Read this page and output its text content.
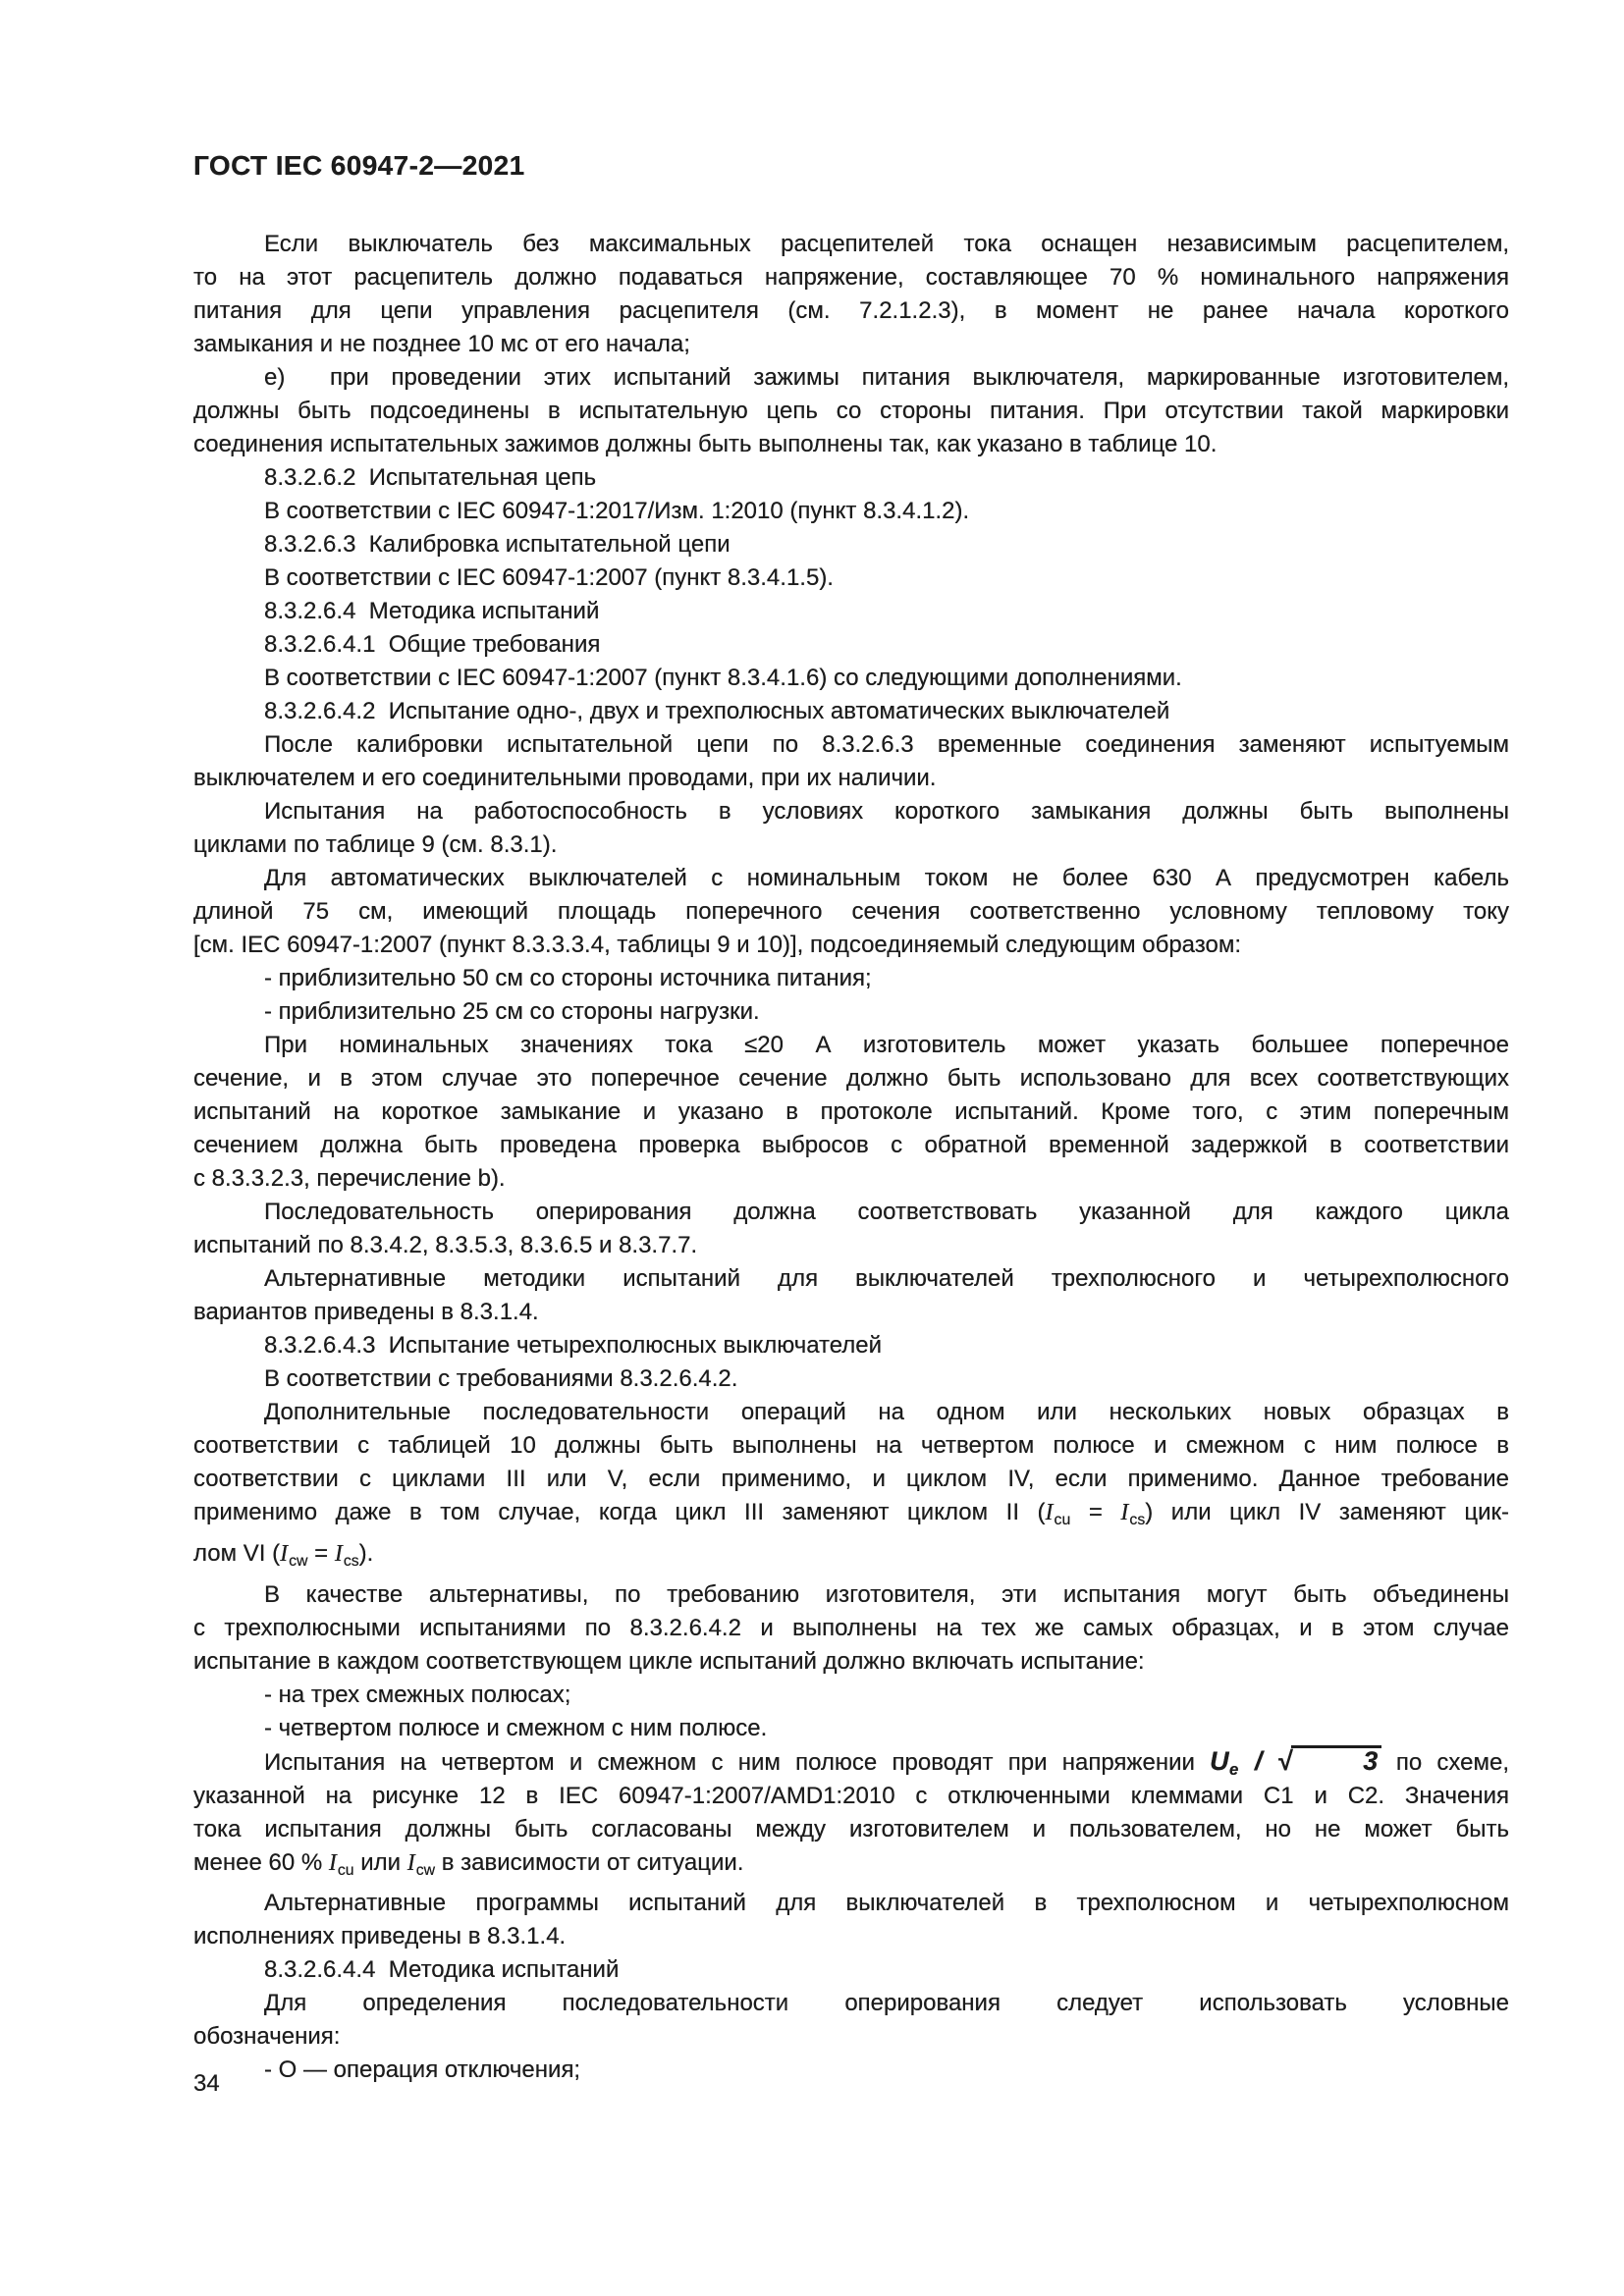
ГОСТ IEC 60947-2—2021
Если выключатель без максимальных расцепителей тока оснащен независимым расцепителем,
то на этот расцепитель должно подаваться напряжение, составляющее 70 % номинального напряжения
питания для цепи управления расцепителя (см. 7.2.1.2.3), в момент не ранее начала короткого
замыкания и не позднее 10 мс от его начала;
е)  при проведении этих испытаний зажимы питания выключателя, маркированные изготовителем,
должны быть подсоединены в испытательную цепь со стороны питания. При отсутствии такой маркировки
соединения испытательных зажимов должны быть выполнены так, как указано в таблице 10.
8.3.2.6.2  Испытательная цепь
В соответствии с IEC 60947-1:2017/Изм. 1:2010 (пункт 8.3.4.1.2).
8.3.2.6.3  Калибровка испытательной цепи
В соответствии с IEC 60947-1:2007 (пункт 8.3.4.1.5).
8.3.2.6.4  Методика испытаний
8.3.2.6.4.1  Общие требования
В соответствии с IEC 60947-1:2007 (пункт 8.3.4.1.6) со следующими дополнениями.
8.3.2.6.4.2  Испытание одно-, двух и трехполюсных автоматических выключателей
После калибровки испытательной цепи по 8.3.2.6.3 временные соединения заменяют испытуемым
выключателем и его соединительными проводами, при их наличии.
Испытания на работоспособность в условиях короткого замыкания должны быть выполнены
циклами по таблице 9 (см. 8.3.1).
Для автоматических выключателей с номинальным током не более 630 А предусмотрен кабель
длиной 75 см, имеющий площадь поперечного сечения соответственно условному тепловому току
[см. IEC 60947-1:2007 (пункт 8.3.3.3.4, таблицы 9 и 10)], подсоединяемый следующим образом:
- приблизительно 50 см со стороны источника питания;
- приблизительно 25 см со стороны нагрузки.
При номинальных значениях тока ≤20 А изготовитель может указать большее поперечное
сечение, и в этом случае это поперечное сечение должно быть использовано для всех соответствующих
испытаний на короткое замыкание и указано в протоколе испытаний. Кроме того, с этим поперечным
сечением должна быть проведена проверка выбросов с обратной временной задержкой в соответствии
с 8.3.3.2.3, перечисление b).
Последовательность оперирования должна соответствовать указанной для каждого цикла
испытаний по 8.3.4.2, 8.3.5.3, 8.3.6.5 и 8.3.7.7.
Альтернативные методики испытаний для выключателей трехполюсного и четырехполюсного
вариантов приведены в 8.3.1.4.
8.3.2.6.4.3  Испытание четырехполюсных выключателей
В соответствии с требованиями 8.3.2.6.4.2.
Дополнительные последовательности операций на одном или нескольких новых образцах в
соответствии с таблицей 10 должны быть выполнены на четвертом полюсе и смежном с ним полюсе в
соответствии с циклами III или V, если применимо, и циклом IV, если применимо. Данное требование
применимо даже в том случае, когда цикл III заменяют циклом II (Icu = Ics) или цикл IV заменяют цик-
лом VI (Icw = Ics).
В качестве альтернативы, по требованию изготовителя, эти испытания могут быть объединены
с трехполюсными испытаниями по 8.3.2.6.4.2 и выполнены на тех же самых образцах, и в этом случае
испытание в каждом соответствующем цикле испытаний должно включать испытание:
- на трех смежных полюсах;
- четвертом полюсе и смежном с ним полюсе.
Испытания на четвертом и смежном с ним полюсе проводят при напряжении Ue / √	3 по схеме,
указанной на рисунке 12 в IEC 60947-1:2007/AMD1:2010 с отключенными клеммами C1 и C2. Значения
тока испытания должны быть согласованы между изготовителем и пользователем, но не может быть
менее 60 % Icu или Icw в зависимости от ситуации.
Альтернативные программы испытаний для выключателей в трехполюсном и четырехполюсном
исполнениях приведены в 8.3.1.4.
8.3.2.6.4.4  Методика испытаний
Для определения последовательности оперирования следует использовать условные
обозначения:
- О — операция отключения;
34
